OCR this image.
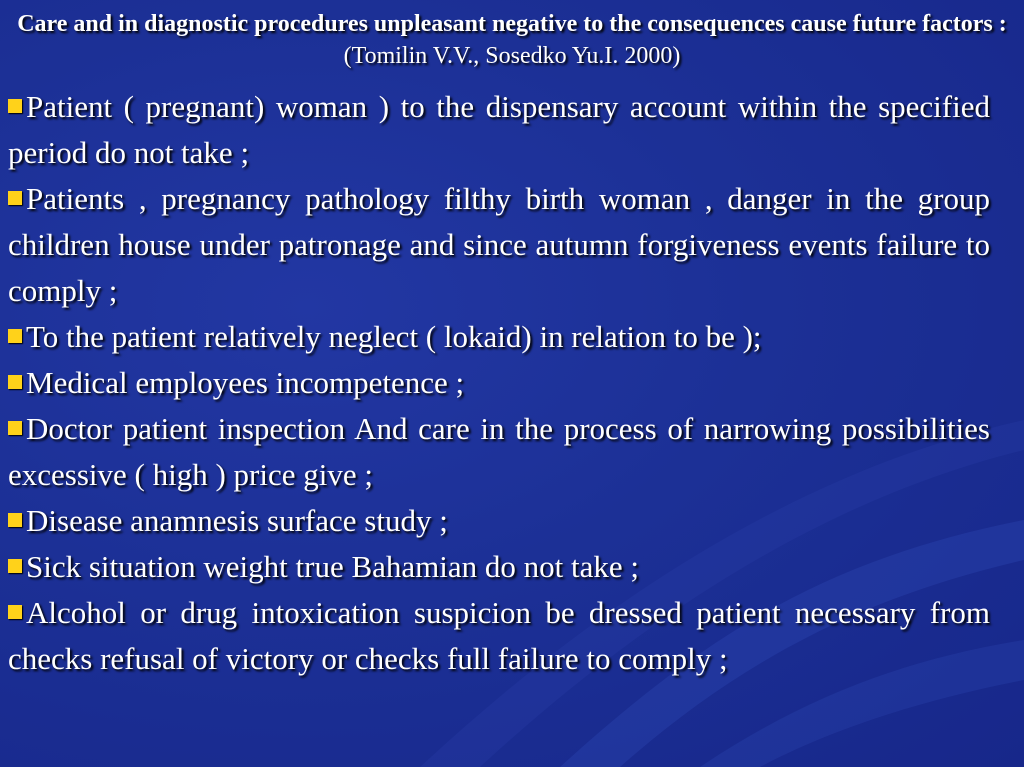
Care and in diagnostic procedures unpleasant negative to the consequences cause future factors : (Tomilin V.V., Sosedko Yu.I. 2000)
Patient ( pregnant) woman ) to the dispensary account within the specified period do not take ;
Patients , pregnancy pathology filthy birth woman , danger in the group children house under patronage and since autumn forgiveness events failure to comply ;
To the patient relatively neglect ( lokaid) in relation to be );
Medical employees incompetence ;
Doctor patient inspection And care in the process of narrowing possibilities excessive ( high ) price give ;
Disease anamnesis surface study ;
Sick situation weight true Bahamian do not take ;
Alcohol or drug intoxication suspicion be dressed patient necessary from checks refusal of victory or checks full failure to comply ;
